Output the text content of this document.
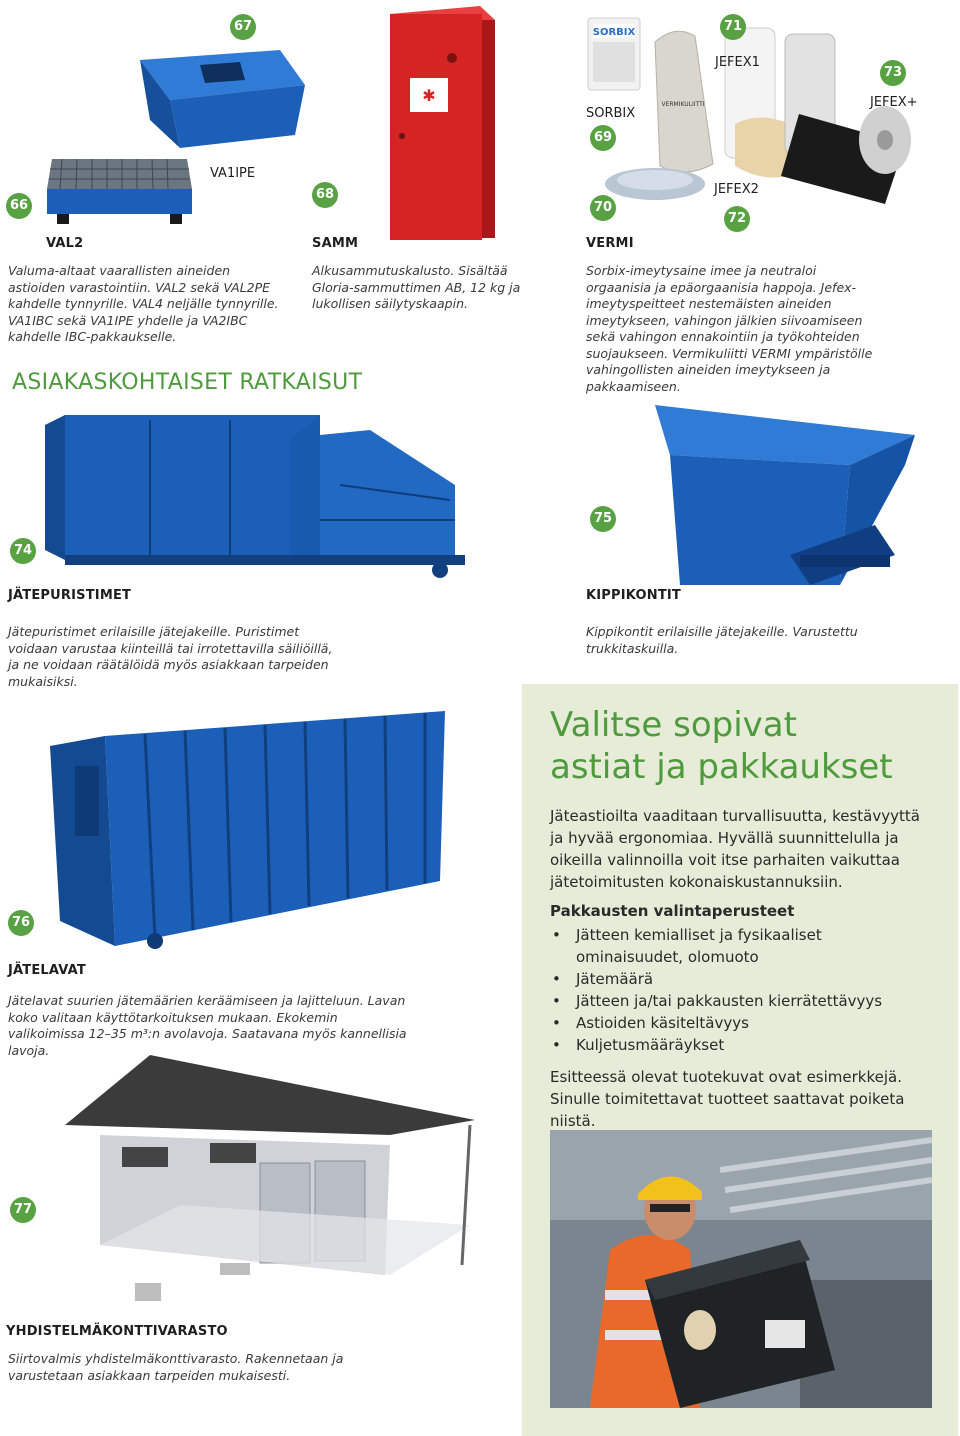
67
VA1IPE
66
VAL2
Valuma-altaat vaarallisten aineiden astioiden varastointiin. VAL2 sekä VAL2PE kahdelle tynnyrille. VAL4 neljälle tynnyrille. VA1IBC sekä VA1IPE yhdelle ja VA2IBC kahdelle IBC-pakkaukselle.
✱
68
SAMM
Alkusammutuskalusto. Sisältää Gloria-sammuttimen AB, 12 kg ja lukollisen säilytyskaapin.
SORBIX
VERMIKULIITTI
71
JEFEX1
73
JEFEX+
SORBIX
69
JEFEX2
70
72
VERMI
Sorbix-imeytysaine imee ja neutraloi orgaanisia ja epäorgaanisia happoja. Jefex-imeytyspeitteet nestemäisten aineiden imeytykseen, vahingon jälkien siivoamiseen sekä vahingon ennakointiin ja työkohteiden suojaukseen. Vermikuliitti VERMI ympäristölle vahingollisten aineiden imeytykseen ja pakkaamiseen.
ASIAKASKOHTAISET RATKAISUT
74
JÄTEPURISTIMET
Jätepuristimet erilaisille jätejakeille. Puristimet voidaan varustaa kiinteillä tai irrotettavilla säiliöillä, ja ne voidaan räätälöidä myös asiakkaan tarpeiden mukaisiksi.
75
KIPPIKONTIT
Kippikontit erilaisille jätejakeille. Varustettu trukkitaskuilla.
76
JÄTELAVAT
Jätelavat suurien jätemäärien keräämiseen ja lajitteluun. Lavan koko valitaan käyttötarkoituksen mukaan. Ekokemin valikoimissa 12–35 m³:n avolavoja. Saatavana myös kannellisia lavoja.
77
YHDISTELMÄKONTTIVARASTO
Siirtovalmis yhdistelmäkonttivarasto. Rakennetaan ja varustetaan asiakkaan tarpeiden mukaisesti.
Valitse sopivat
astiat ja pakkaukset
Jäteastioilta vaaditaan turvallisuutta, kestävyyttä ja hyvää ergonomiaa. Hyvällä suunnittelulla ja oikeilla valinnoilla voit itse parhaiten vaikuttaa jätetoimitusten kokonaiskustannuksiin.
Pakkausten valintaperusteet
• Jätteen kemialliset ja fysikaaliset ominaisuudet, olomuoto
• Jätemäärä
• Jätteen ja/tai pakkausten kierrätettävyys
• Astioiden käsiteltävyys
• Kuljetusmääräykset
Esitteessä olevat tuotekuvat ovat esimerkkejä. Sinulle toimitettavat tuotteet saattavat poiketa niistä.
